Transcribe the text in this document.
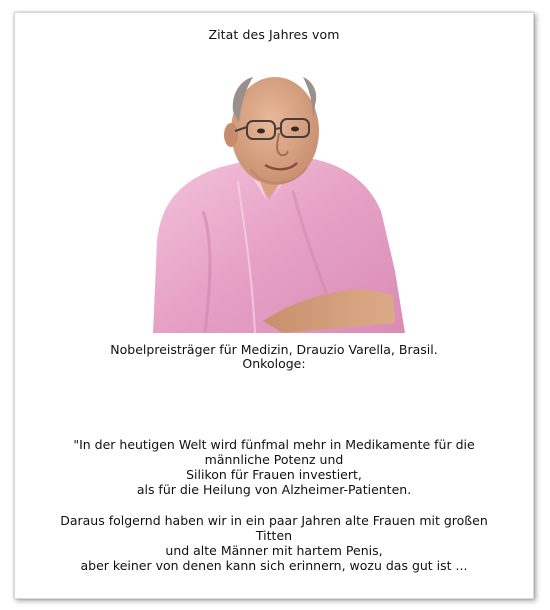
Zitat des Jahres vom
Nobelpreisträger für Medizin, Drauzio Varella, Brasil.
Onkologe:
"In der heutigen Welt wird fünfmal mehr in Medikamente für die
männliche Potenz und
Silikon für Frauen investiert,
als für die Heilung von Alzheimer-Patienten.
Daraus folgernd haben wir in ein paar Jahren alte Frauen mit großen
Titten
und alte Männer mit hartem Penis,
aber keiner von denen kann sich erinnern, wozu das gut ist ...
